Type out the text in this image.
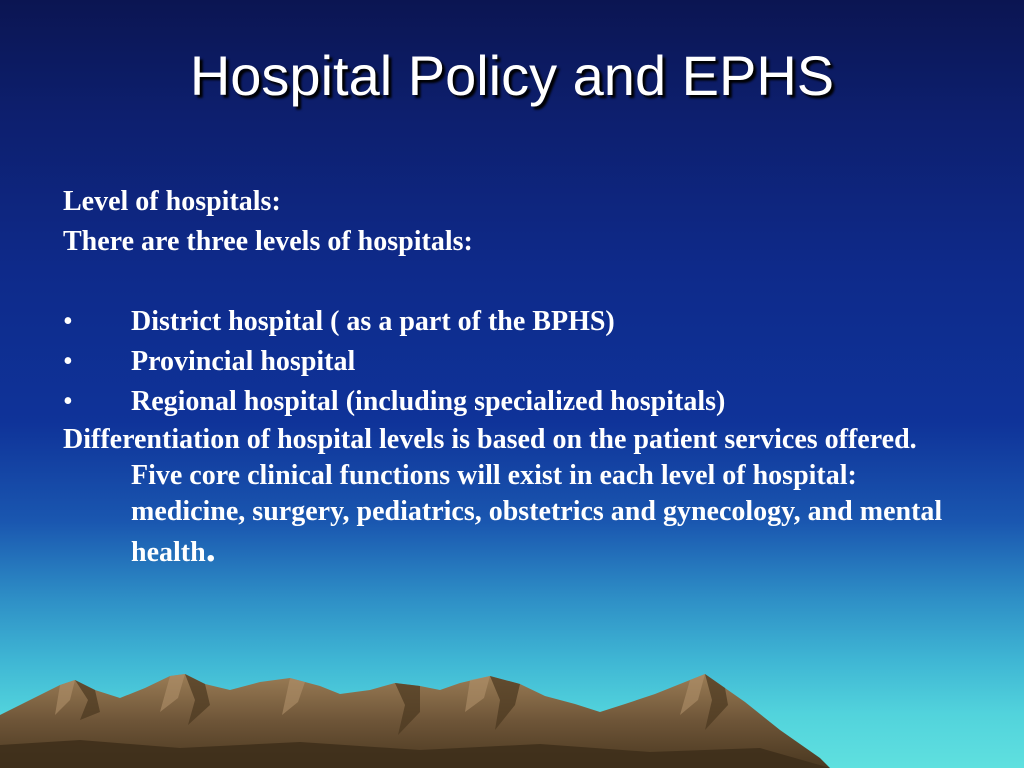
Hospital Policy and EPHS

Level of hospitals:

There are three levels of hospitals:

•	District hospital ( as a part of the BPHS)
•	Provincial hospital
•	Regional hospital (including specialized hospitals)

Differentiation of hospital levels is based on the patient services offered. Five core clinical functions will exist in each level of hospital: medicine, surgery, pediatrics, obstetrics and gynecology, and mental health.
